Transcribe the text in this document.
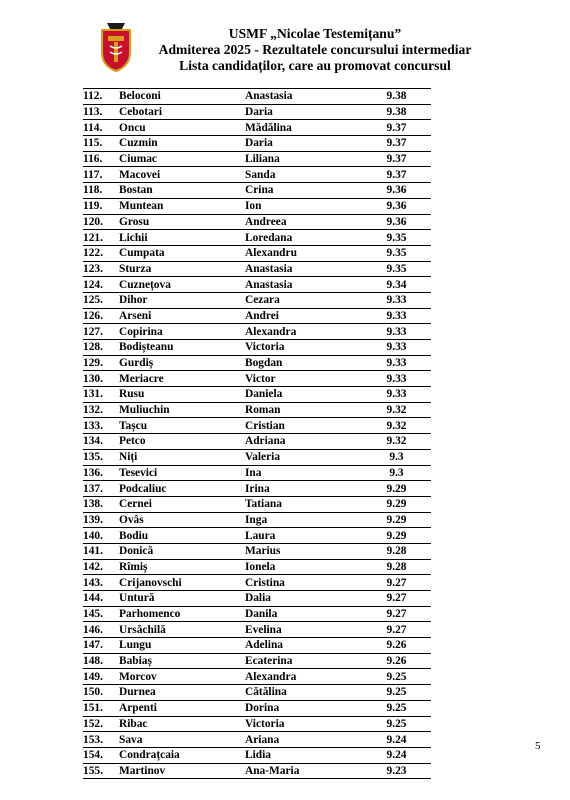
USMF „Nicolae Testemițanu”
Admiterea 2025 - Rezultatele concursului intermediar
Lista candidaților, care au promovat concursul
112.	Beloconi	Anastasia	9.38
113.	Cebotari	Daria	9.38
114.	Oncu	Mădălina	9.37
115.	Cuzmin	Daria	9.37
116.	Ciumac	Liliana	9.37
117.	Macovei	Sanda	9.37
118.	Bostan	Crina	9.36
119.	Muntean	Ion	9.36
120.	Grosu	Andreea	9.36
121.	Lichii	Loredana	9.35
122.	Cumpata	Alexandru	9.35
123.	Sturza	Anastasia	9.35
124.	Cuznețova	Anastasia	9.34
125.	Dihor	Cezara	9.33
126.	Arseni	Andrei	9.33
127.	Copirina	Alexandra	9.33
128.	Bodișteanu	Victoria	9.33
129.	Gurdiș	Bogdan	9.33
130.	Meriacre	Victor	9.33
131.	Rusu	Daniela	9.33
132.	Muliuchin	Roman	9.32
133.	Tașcu	Cristian	9.32
134.	Petco	Adriana	9.32
135.	Niți	Valeria	9.3
136.	Tesevici	Ina	9.3
137.	Podcaliuc	Irina	9.29
138.	Cernei	Tatiana	9.29
139.	Ovâs	Inga	9.29
140.	Bodiu	Laura	9.29
141.	Donică	Marius	9.28
142.	Rîmiș	Ionela	9.28
143.	Crijanovschi	Cristina	9.27
144.	Untură	Dalia	9.27
145.	Parhomenco	Danila	9.27
146.	Ursăchilă	Evelina	9.27
147.	Lungu	Adelina	9.26
148.	Babiaș	Ecaterina	9.26
149.	Morcov	Alexandra	9.25
150.	Durnea	Cătălina	9.25
151.	Arpenti	Dorina	9.25
152.	Ribac	Victoria	9.25
153.	Sava	Ariana	9.24
154.	Condrațcaia	Lidia	9.24
155.	Martinov	Ana-Maria	9.23
5
